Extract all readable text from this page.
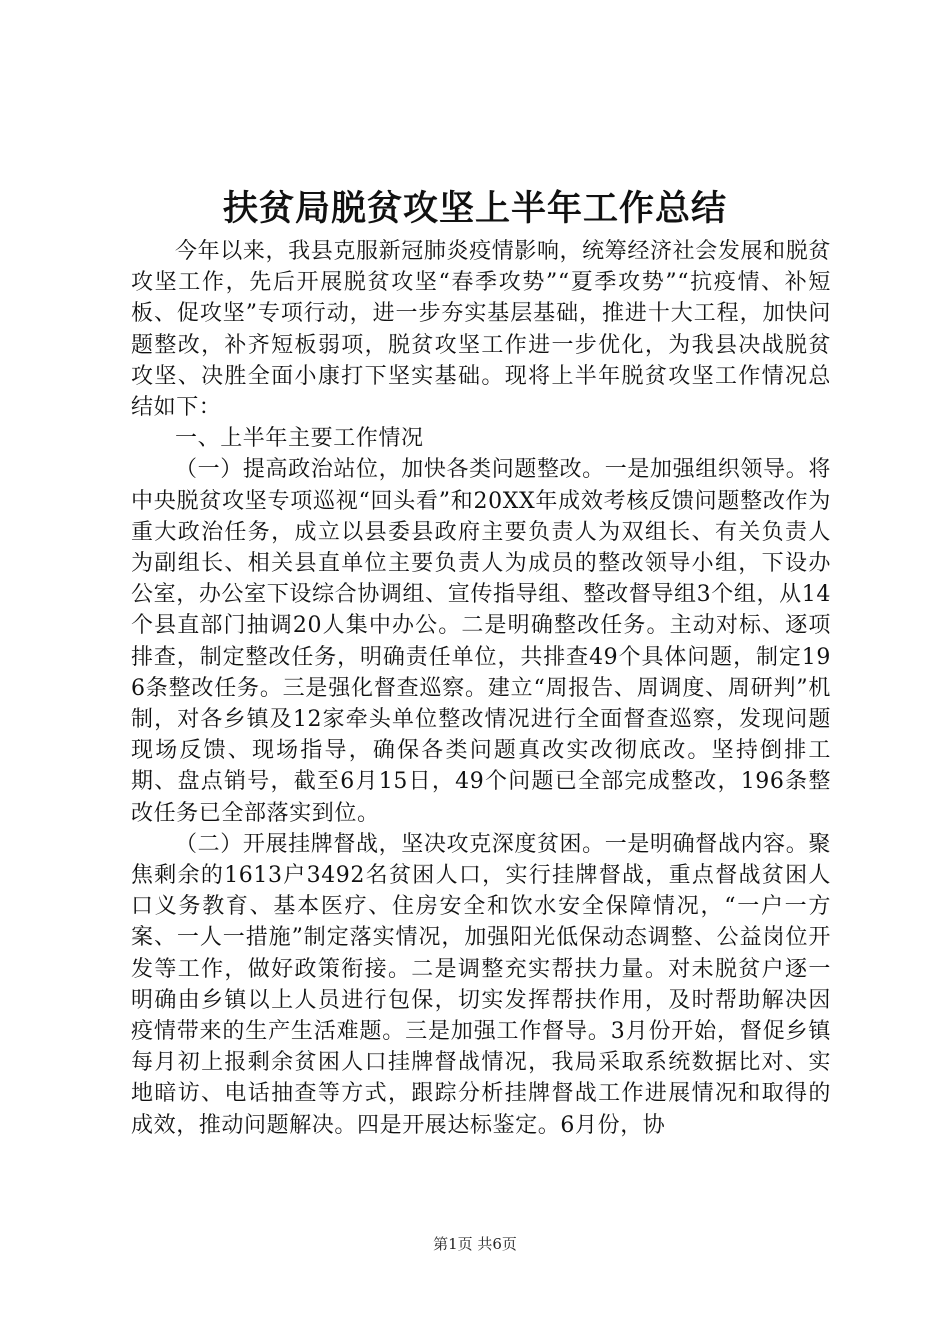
扶贫局脱贫攻坚上半年工作总结

今年以来，我县克服新冠肺炎疫情影响，统筹经济社会发展和脱贫攻坚工作，先后开展脱贫攻坚“春季攻势”“夏季攻势”“抗疫情、补短板、促攻坚”专项行动，进一步夯实基层基础，推进十大工程，加快问题整改，补齐短板弱项，脱贫攻坚工作进一步优化，为我县决战脱贫攻坚、决胜全面小康打下坚实基础。现将上半年脱贫攻坚工作情况总结如下：

一、上半年主要工作情况

（一）提高政治站位，加快各类问题整改。一是加强组织领导。将中央脱贫攻坚专项巡视“回头看”和20XX年成效考核反馈问题整改作为重大政治任务，成立以县委县政府主要负责人为双组长、有关负责人为副组长、相关县直单位主要负责人为成员的整改领导小组，下设办公室，办公室下设综合协调组、宣传指导组、整改督导组3个组，从14个县直部门抽调20人集中办公。二是明确整改任务。主动对标、逐项排查，制定整改任务，明确责任单位，共排查49个具体问题，制定196条整改任务。三是强化督查巡察。建立“周报告、周调度、周研判”机制，对各乡镇及12家牵头单位整改情况进行全面督查巡察，发现问题现场反馈、现场指导，确保各类问题真改实改彻底改。坚持倒排工期、盘点销号，截至6月15日，49个问题已全部完成整改，196条整改任务已全部落实到位。

（二）开展挂牌督战，坚决攻克深度贫困。一是明确督战内容。聚焦剩余的1613户3492名贫困人口，实行挂牌督战，重点督战贫困人口义务教育、基本医疗、住房安全和饮水安全保障情况，“一户一方案、一人一措施”制定落实情况，加强阳光低保动态调整、公益岗位开发等工作，做好政策衔接。二是调整充实帮扶力量。对未脱贫户逐一明确由乡镇以上人员进行包保，切实发挥帮扶作用，及时帮助解决因疫情带来的生产生活难题。三是加强工作督导。3月份开始，督促乡镇每月初上报剩余贫困人口挂牌督战情况，我局采取系统数据比对、实地暗访、电话抽查等方式，跟踪分析挂牌督战工作进展情况和取得的成效，推动问题解决。四是开展达标鉴定。6月份，协

第1页 共6页
